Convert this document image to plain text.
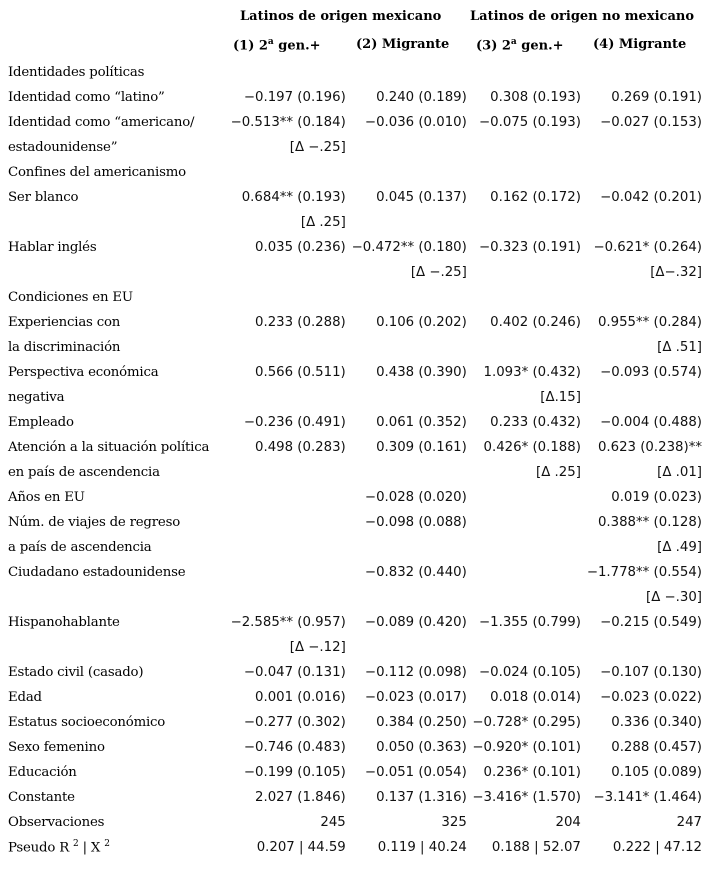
Latinos de origen mexicano Latinos de origen no mexicano
(1) 2$^a$ gen.+	(2) Migrante (3) 2$^a$ gen.+ (4) Migrante
Identidades políticas				
Identidad como “latino”	−0.197 (0.196)	0.240 (0.189)	0.308 (0.193)	0.269 (0.191)
Identidad como “americano/	−0.513** (0.184)	−0.036 (0.010)	−0.075 (0.193)	−0.027 (0.153)
estadounidense”	[Δ −.25]			
Confines del americanismo				
Ser blanco	0.684** (0.193)	0.045 (0.137)	0.162 (0.172)	−0.042 (0.201)
	[Δ .25]			
Hablar inglés	0.035 (0.236)	−0.472** (0.180)	−0.323 (0.191)	−0.621* (0.264)
		[Δ −.25]		[Δ−.32]
Condiciones en EU				
Experiencias con	0.233 (0.288)	0.106 (0.202)	0.402 (0.246)	0.955** (0.284)
la discriminación				[Δ .51]
Perspectiva económica	0.566 (0.511)	0.438 (0.390)	1.093* (0.432)	−0.093 (0.574)
negativa			[Δ.15]	
Empleado	−0.236 (0.491)	0.061 (0.352)	0.233 (0.432)	−0.004 (0.488)
Atención a la situación política	0.498 (0.283)	0.309 (0.161)	0.426* (0.188)	0.623 (0.238)**
en país de ascendencia			[Δ .25]	[Δ .01]
Años en EU		−0.028 (0.020)		0.019 (0.023)
Núm. de viajes de regreso		−0.098 (0.088)		0.388** (0.128)
a país de ascendencia				[Δ .49]
Ciudadano estadounidense		−0.832 (0.440)		−1.778** (0.554)
				[Δ −.30]
Hispanohablante	−2.585** (0.957)	−0.089 (0.420)	−1.355 (0.799)	−0.215 (0.549)
	[Δ −.12]			
Estado civil (casado)	−0.047 (0.131)	−0.112 (0.098)	−0.024 (0.105)	−0.107 (0.130)
Edad	0.001 (0.016)	−0.023 (0.017)	0.018 (0.014)	−0.023 (0.022)
Estatus socioeconómico	−0.277 (0.302)	0.384 (0.250)	−0.728* (0.295)	0.336 (0.340)
Sexo femenino	−0.746 (0.483)	0.050 (0.363)	−0.920* (0.101)	0.288 (0.457)
Educación	−0.199 (0.105)	−0.051 (0.054)	0.236* (0.101)	0.105 (0.089)
Constante	2.027 (1.846)	0.137 (1.316)	−3.416* (1.570)	−3.141* (1.464)
Observaciones	245	325	204	247
Pseudo R $^2$ | X $^2$	0.207 | 44.59	0.119 | 40.24	0.188 | 52.07	0.222 | 47.12
